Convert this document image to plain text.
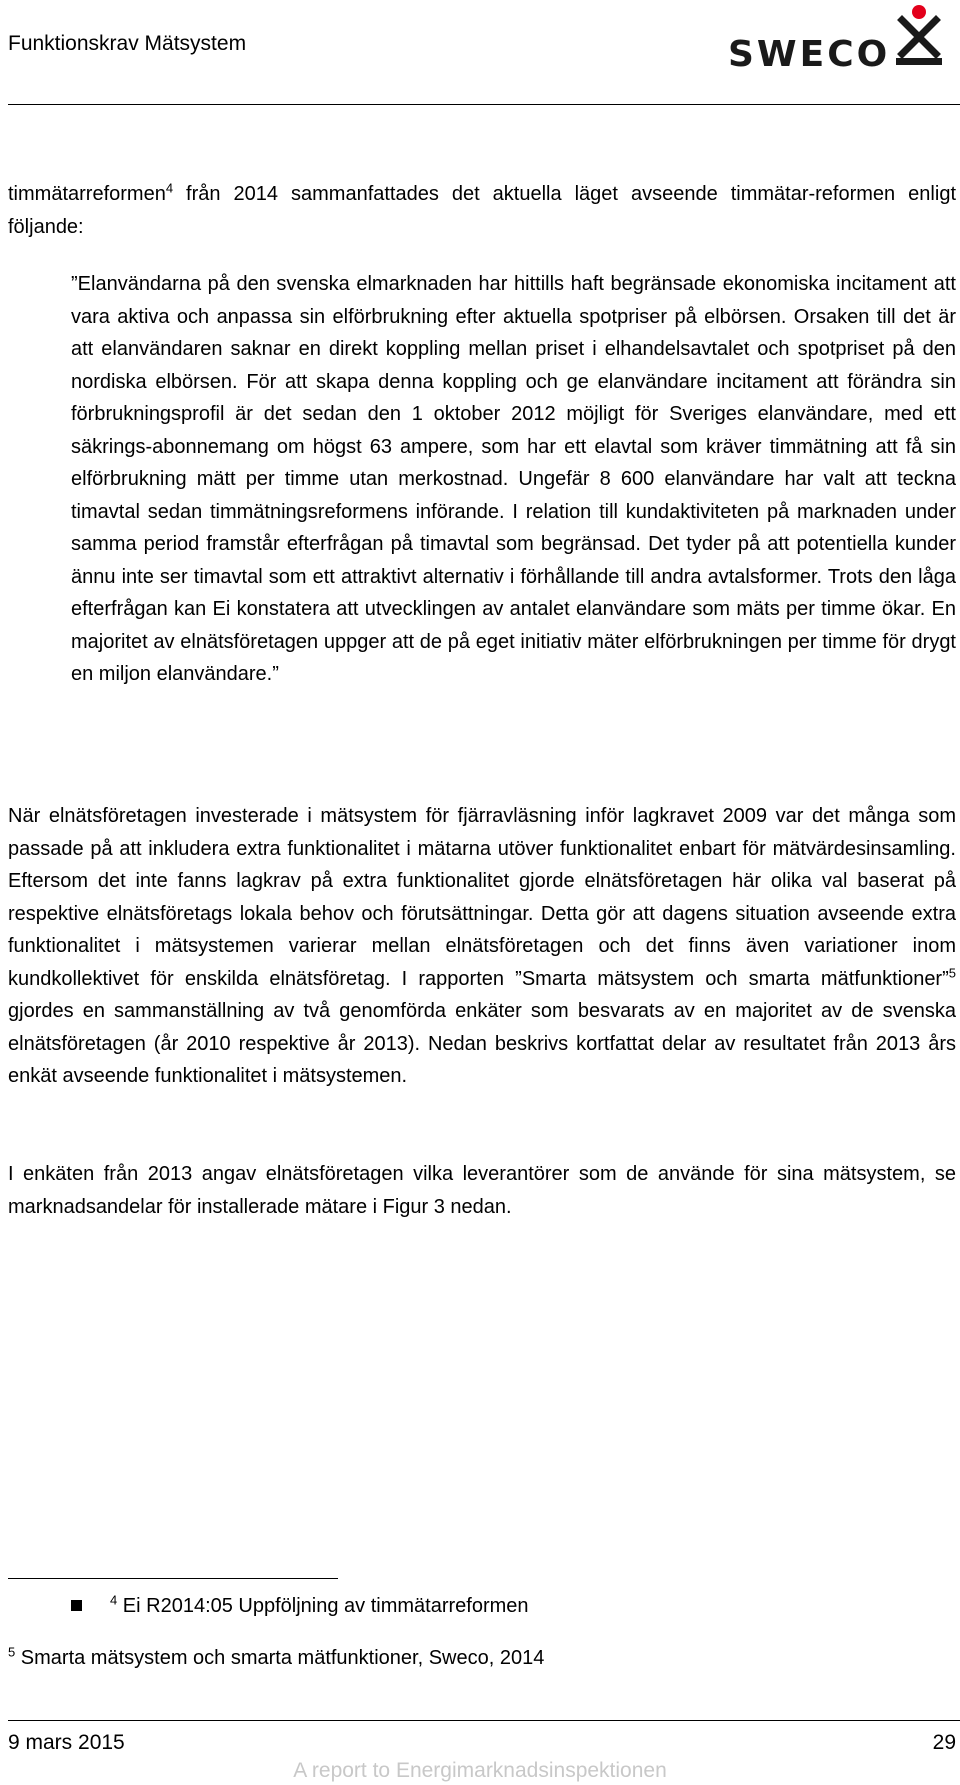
Funktionskrav Mätsystem	SWECO

timmätarreformen$^4$ från 2014 sammanfattades det aktuella läget avseende timmätar-reformen enligt följande:

”Elanvändarna på den svenska elmarknaden har hittills haft begränsade ekonomiska incitament att vara aktiva och anpassa sin elförbrukning efter aktuella spotpriser på elbörsen. Orsaken till det är att elanvändaren saknar en direkt koppling mellan priset i elhandelsavtalet och spotpriset på den nordiska elbörsen. För att skapa denna koppling och ge elanvändare incitament att förändra sin förbrukningsprofil är det sedan den 1 oktober 2012 möjligt för Sveriges elanvändare, med ett säkrings-abonnemang om högst 63 ampere, som har ett elavtal som kräver timmätning att få sin elförbrukning mätt per timme utan merkostnad. Ungefär 8 600 elanvändare har valt att teckna timavtal sedan timmätningsreformens införande. I relation till kundaktiviteten på marknaden under samma period framstår efterfrågan på timavtal som begränsad. Det tyder på att potentiella kunder ännu inte ser timavtal som ett attraktivt alternativ i förhållande till andra avtalsformer. Trots den låga efterfrågan kan Ei konstatera att utvecklingen av antalet elanvändare som mäts per timme ökar. En majoritet av elnätsföretagen uppger att de på eget initiativ mäter elförbrukningen per timme för drygt en miljon elanvändare.”

När elnätsföretagen investerade i mätsystem för fjärravläsning inför lagkravet 2009 var det många som passade på att inkludera extra funktionalitet i mätarna utöver funktionalitet enbart för mätvärdesinsamling. Eftersom det inte fanns lagkrav på extra funktionalitet gjorde elnätsföretagen här olika val baserat på respektive elnätsföretags lokala behov och förutsättningar. Detta gör att dagens situation avseende extra funktionalitet i mätsystemen varierar mellan elnätsföretagen och det finns även variationer inom kundkollektivet för enskilda elnätsföretag. I rapporten ”Smarta mätsystem och smarta mätfunktioner”$^5$ gjordes en sammanställning av två genomförda enkäter som besvarats av en majoritet av de svenska elnätsföretagen (år 2010 respektive år 2013). Nedan beskrivs kortfattat delar av resultatet från 2013 års enkät avseende funktionalitet i mätsystemen.

I enkäten från 2013 angav elnätsföretagen vilka leverantörer som de använde för sina mätsystem, se marknadsandelar för installerade mätare i Figur 3 nedan.

$^4$ Ei R2014:05 Uppföljning av timmätarreformen
$^5$ Smarta mätsystem och smarta mätfunktioner, Sweco, 2014
9 mars 2015	29
A report to Energimarknadsinspektionen
